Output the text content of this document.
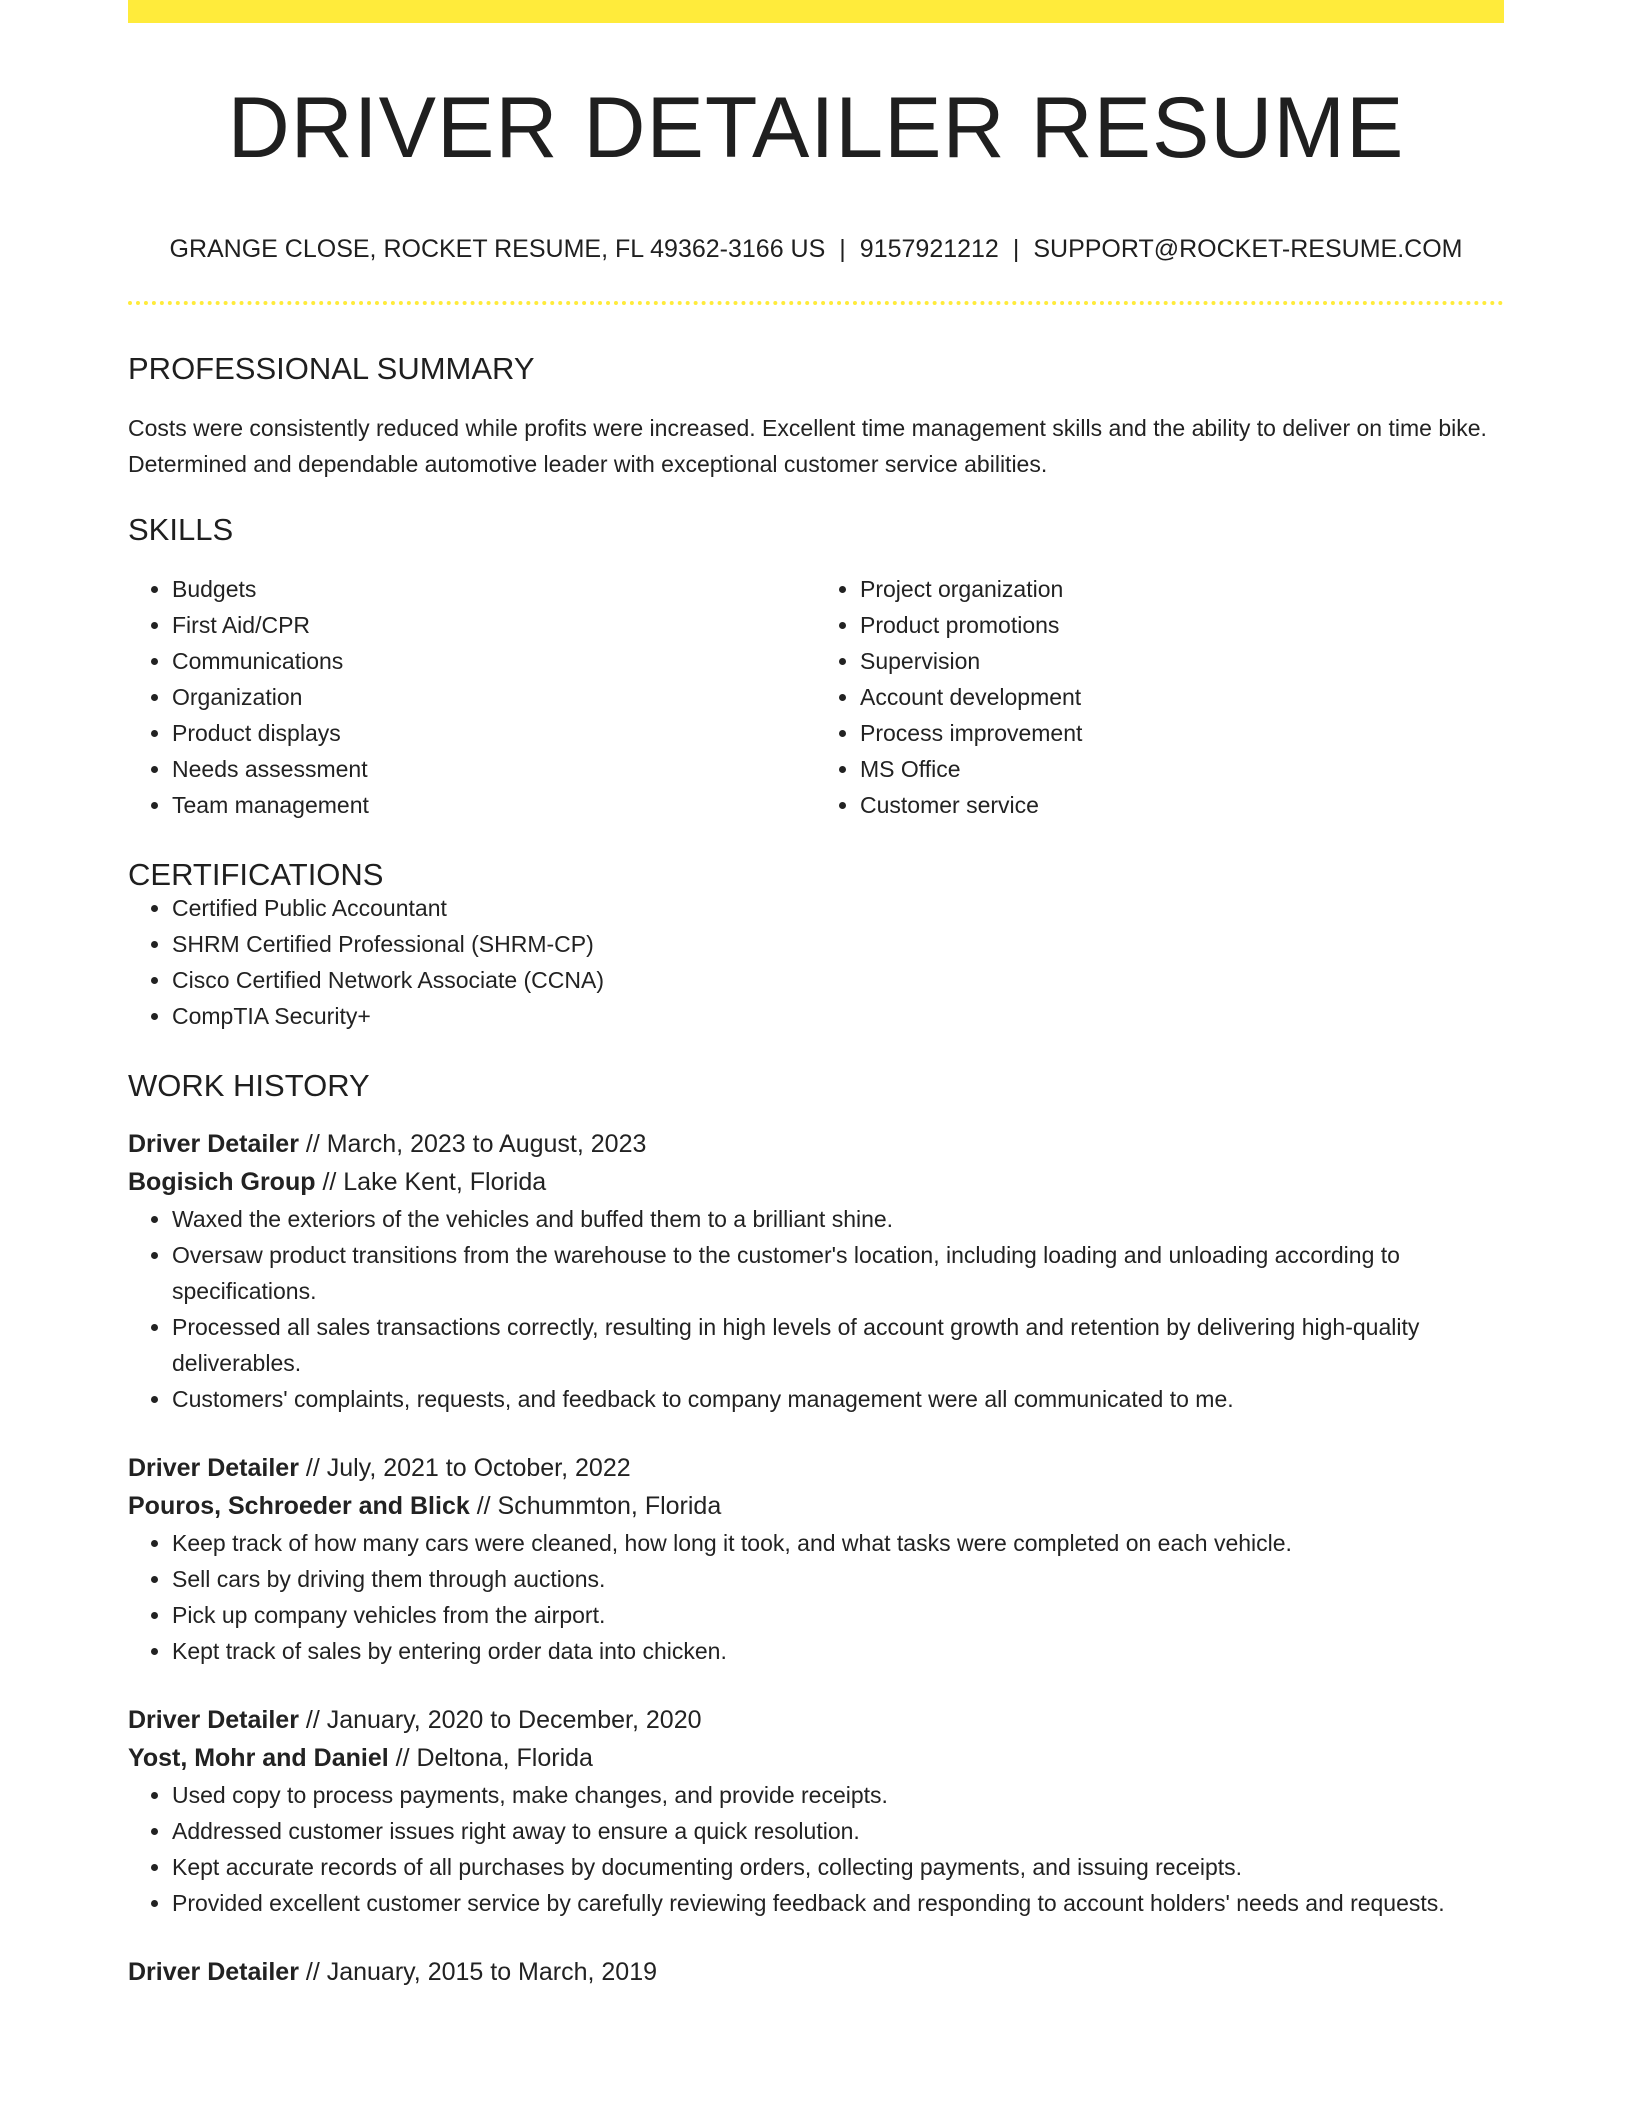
DRIVER DETAILER RESUME
GRANGE CLOSE, ROCKET RESUME, FL 49362-3166 US | 9157921212 | SUPPORT@ROCKET-RESUME.COM
PROFESSIONAL SUMMARY

Costs were consistently reduced while profits were increased. Excellent time management skills and the ability to deliver on time bike. Determined and dependable automotive leader with exceptional customer service abilities.

SKILLS
• Budgets
• First Aid/CPR
• Communications
• Organization
• Product displays
• Needs assessment
• Team management
• Project organization
• Product promotions
• Supervision
• Account development
• Process improvement
• MS Office
• Customer service
CERTIFICATIONS
• Certified Public Accountant
• SHRM Certified Professional (SHRM-CP)
• Cisco Certified Network Associate (CCNA)
• CompTIA Security+
WORK HISTORY
Driver Detailer // March, 2023 to August, 2023
Bogisich Group // Lake Kent, Florida
• Waxed the exteriors of the vehicles and buffed them to a brilliant shine.
• Oversaw product transitions from the warehouse to the customer's location, including loading and unloading according to specifications.
• Processed all sales transactions correctly, resulting in high levels of account growth and retention by delivering high-quality deliverables.
• Customers' complaints, requests, and feedback to company management were all communicated to me.
Driver Detailer // July, 2021 to October, 2022
Pouros, Schroeder and Blick // Schummton, Florida
• Keep track of how many cars were cleaned, how long it took, and what tasks were completed on each vehicle.
• Sell cars by driving them through auctions.
• Pick up company vehicles from the airport.
• Kept track of sales by entering order data into chicken.
Driver Detailer // January, 2020 to December, 2020
Yost, Mohr and Daniel // Deltona, Florida
• Used copy to process payments, make changes, and provide receipts.
• Addressed customer issues right away to ensure a quick resolution.
• Kept accurate records of all purchases by documenting orders, collecting payments, and issuing receipts.
• Provided excellent customer service by carefully reviewing feedback and responding to account holders' needs and requests.
Driver Detailer // January, 2015 to March, 2019
